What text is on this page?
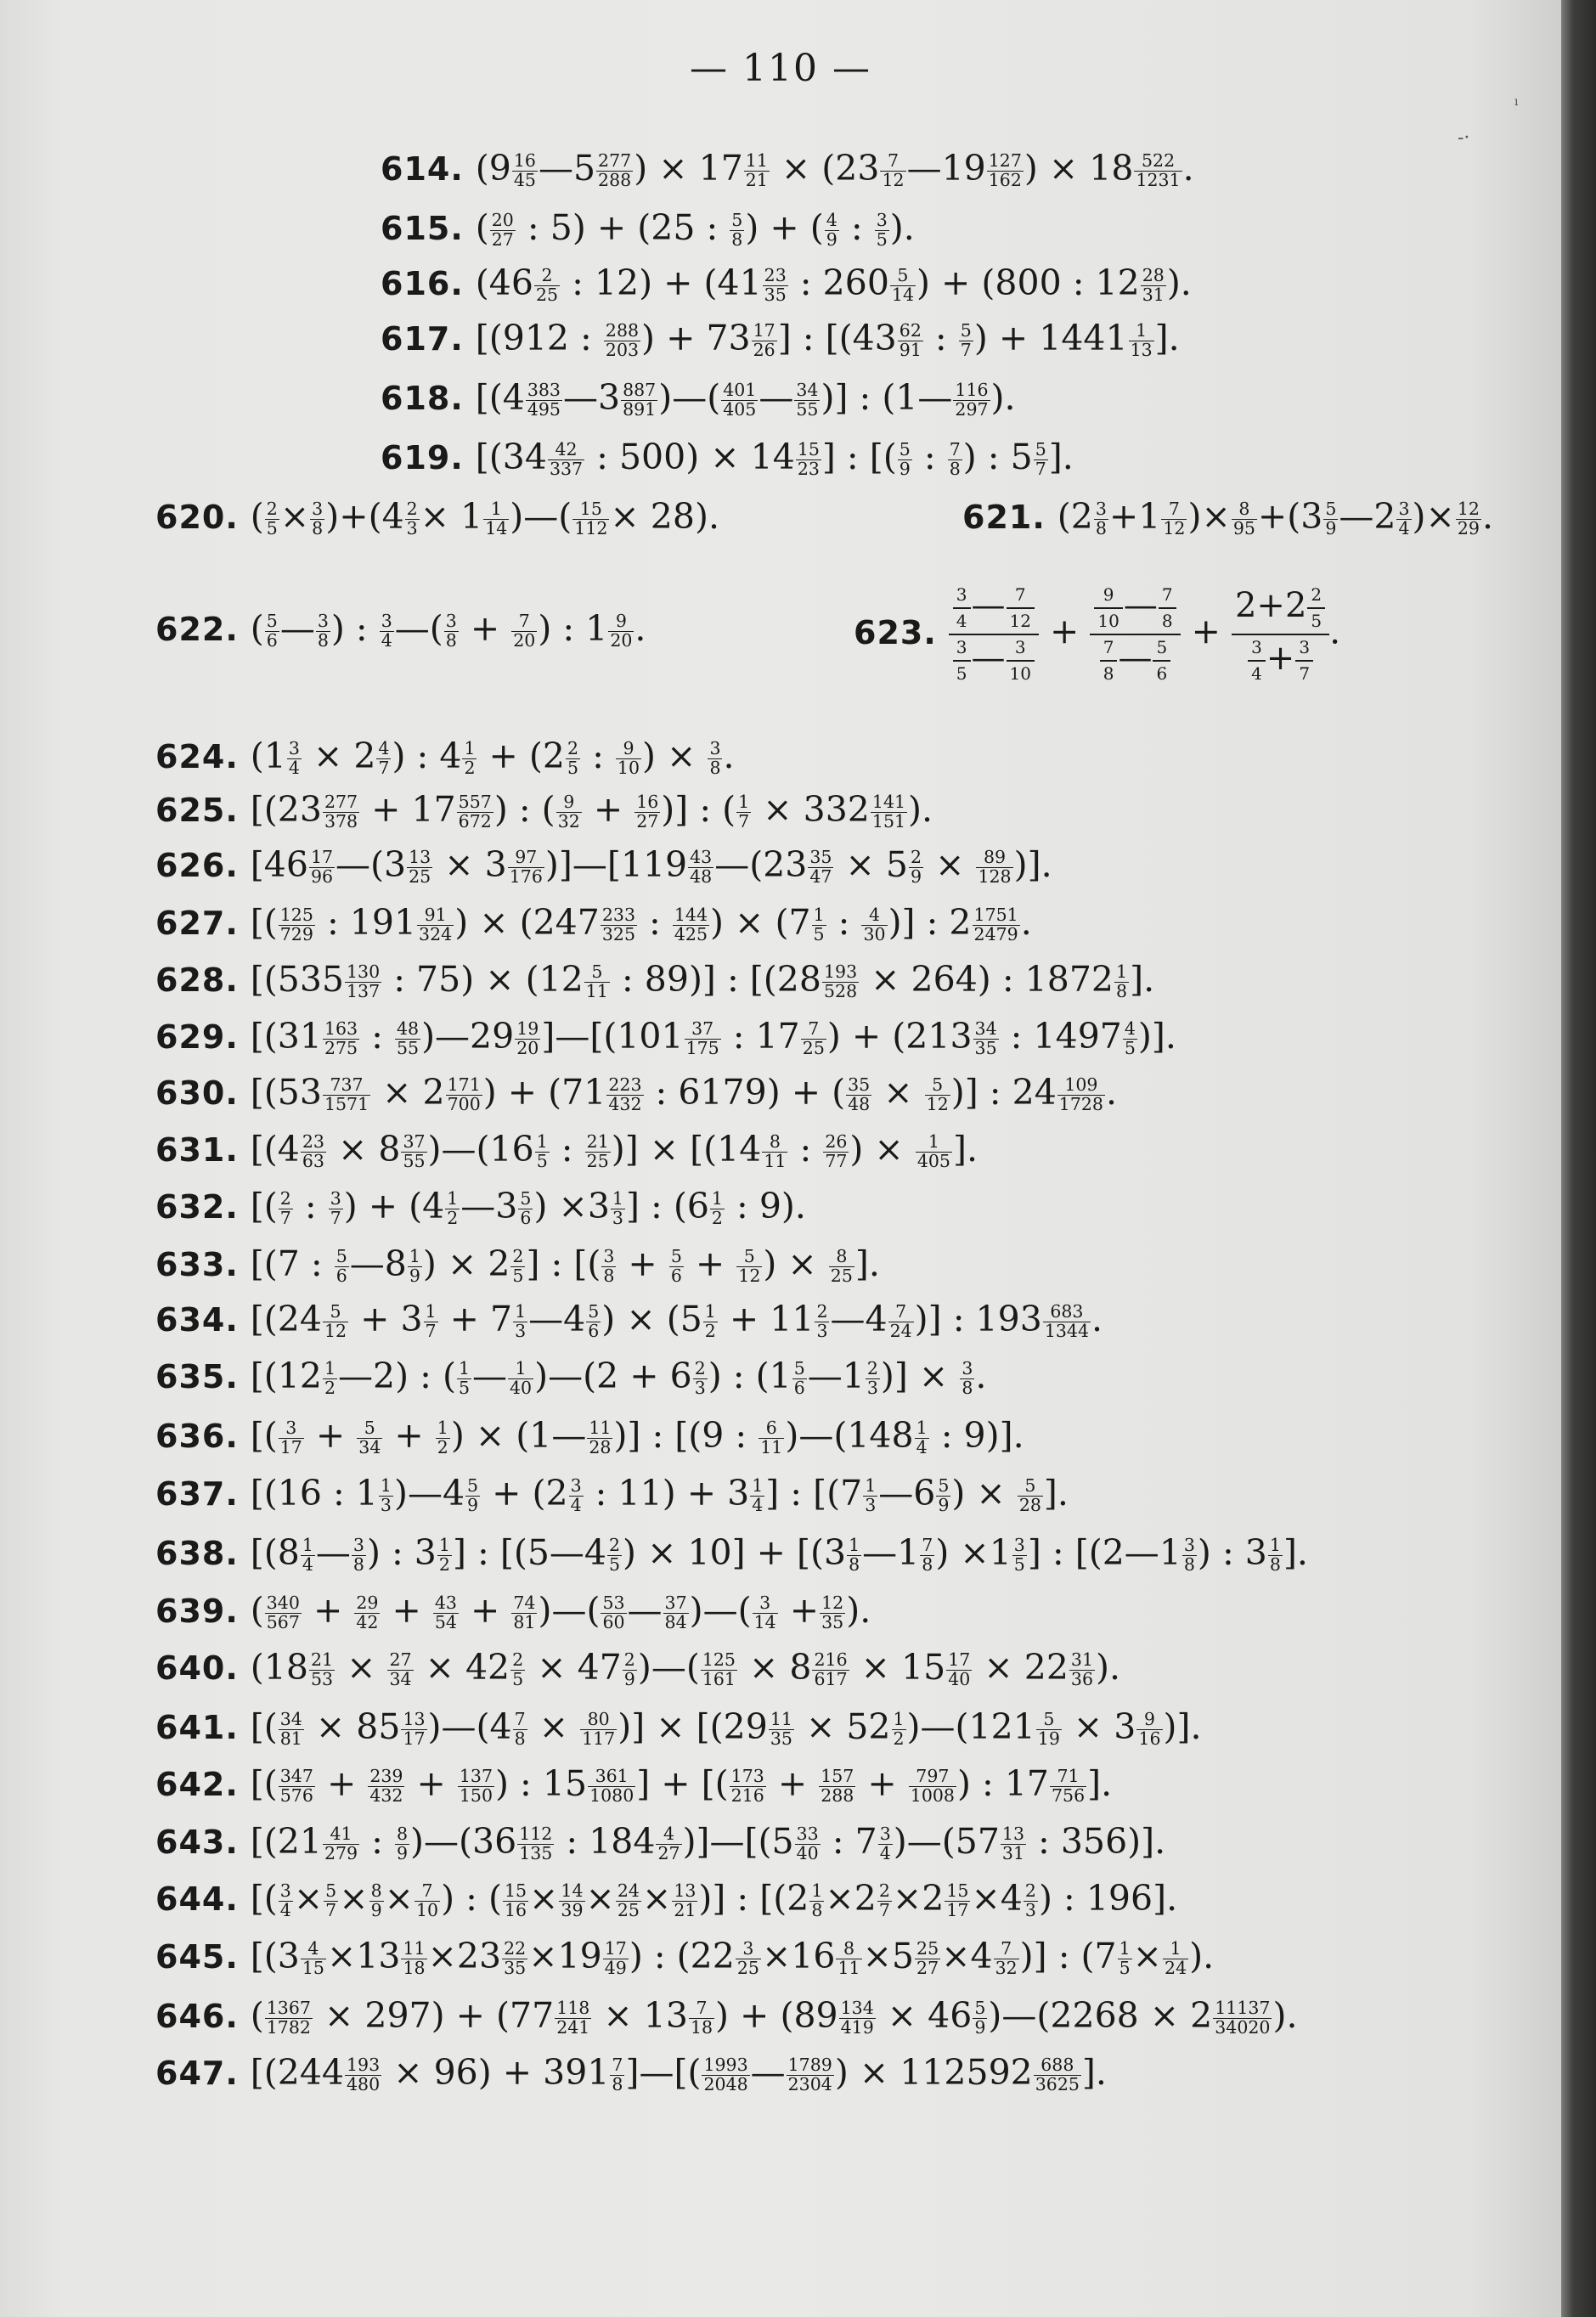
-·
ı
— 110 —
614. ($9 \frac{16}{45}$ —5 $\frac{277}{288}$ ) × $17 \frac{11}{21} \times (23 \frac{7}{12}$ —19 $\frac{127}{162}$ ) × $18 \frac{522}{1231}$ .
615. ( $\frac{20}{27}$ : 5) + (25 : $\frac{5}{8}$ ) + ( $\frac{4}{9}$ : $\frac{3}{5}$ ).
616. ($46 \frac{2}{25}$ : $12) + (41 \frac{23}{35}$ : $260 \frac{5}{14}$ ) + (800 : $12 \frac{28}{31}$ ).
617. [(912 : $\frac{288}{203}$ ) + $73 \frac{17}{26}$ ] : [($43 \frac{62}{91}$ : $\frac{5}{7}$ ) + $1441 \frac{1}{13}$ ].
618. [($4 \frac{383}{495}$ —3 $\frac{887}{891}$ )—( $\frac{401}{405}$ — $\frac{34}{55}$ )] : (1— $\frac{116}{297}$ ).
619. [($34 \frac{42}{337}$ : $500) \times 14 \frac{15}{23}$ ] : [( $\frac{5}{9}$ : $\frac{7}{8}$ ) : $5 \frac{5}{7}$ ].
621. ($2 \frac{3}{8} +1 \frac{7}{12}$ )× $\frac{8}{95} +(3 \frac{5}{9}$ —2 $\frac{3}{4}$ )× $\frac{12}{29}$ .
620. ( $\frac{2}{5} \times \frac{3}{8} )+(4 \frac{2}{3} \times 1 \frac{1}{14}$ )—( $\frac{15}{112} \times 28$).
622. ( $\frac{5}{6}$ — $\frac{3}{8}$ ) : $\frac{3}{4}$ —( $\frac{3}{8} + \frac{7}{20}$ ) : $1 \frac{9}{20}$ .	623. $\frac{\frac{3}{4} — \frac{7}{12}}{\frac{3}{5} — \frac{3}{10}} + \frac{\frac{9}{10} — \frac{7}{8}}{\frac{7}{8} — \frac{5}{6}} + \frac{2+2 \frac{2}{5}}{\frac{3}{4} + \frac{3}{7}}$ .
624. ($1 \frac{3}{4} \times 2 \frac{4}{7}$ ) : $4 \frac{1}{2} + (2 \frac{2}{5}$ : $\frac{9}{10}$ ) × $\frac{3}{8}$ .
625. [($23 \frac{277}{378} + 17 \frac{557}{672}$ ) : ( $\frac{9}{32} + \frac{16}{27}$ )] : ( $\frac{1}{7} \times 332 \frac{141}{151}$ ).
626. [$46 \frac{17}{96}$ —(3 $\frac{13}{25} \times 3 \frac{97}{176}$ )]—[119 $\frac{43}{48}$ —(23 $\frac{35}{47} \times 5 \frac{2}{9} \times \frac{89}{128}$ )].
627. [( $\frac{125}{729}$ : $191 \frac{91}{324}$ ) × ($247 \frac{233}{325}$ : $\frac{144}{425}$ ) × ($7 \frac{1}{5}$ : $\frac{4}{30}$ )] : $2 \frac{1751}{2479}$ .
628. [($535 \frac{130}{137}$ : $75) \times (12 \frac{5}{11}$ : 89)] : [$(28 \frac{193}{528} \times 264)$ : $1872 \frac{1}{8}$ ].
629. [($31 \frac{163}{275}$ : $\frac{48}{55}$ )—29 $\frac{19}{20}$ ]—[(101 $\frac{37}{175}$ : $17 \frac{7}{25}$ ) + ($213 \frac{34}{35}$ : $1497 \frac{4}{5}$ )].
630. [($53 \frac{737}{1571} \times 2 \frac{171}{700}$ ) + ($71 \frac{223}{432}$ : 6179) + ( $\frac{35}{48} \times \frac{5}{12}$ )] : $24 \frac{109}{1728}$ .
631. [($4 \frac{23}{63} \times 8 \frac{37}{55}$ )—(16 $\frac{1}{5}$ : $\frac{21}{25}$ )] × [($14 \frac{8}{11}$ : $\frac{26}{77}$ ) × $\frac{1}{405}$ ].
632. [( $\frac{2}{7}$ : $\frac{3}{7}$ ) + ($4 \frac{1}{2}$ —3 $\frac{5}{6}$ ) $\times 3 \frac{1}{3}$ ] : ($6 \frac{1}{2}$ : 9).
633. [(7 : $\frac{5}{6}$ —8 $\frac{1}{9}$ ) × $2 \frac{2}{5}$ ] : [( $\frac{3}{8} + \frac{5}{6} + \frac{5}{12}$ ) × $\frac{8}{25}$ ].
634. [($24 \frac{5}{12} + 3 \frac{1}{7} + 7 \frac{1}{3}$ —4 $\frac{5}{6}$ ) × ($5 \frac{1}{2} + 11 \frac{2}{3}$ —4 $\frac{7}{24}$ )] : $193 \frac{683}{1344}$ .
635. [($12 \frac{1}{2}$ —2) : ( $\frac{1}{5}$ — $\frac{1}{40}$ )—(2 + $6 \frac{2}{3}$ ) : ($1 \frac{5}{6}$ —1 $\frac{2}{3}$ )] × $\frac{3}{8}$ .
636. [( $\frac{3}{17} + \frac{5}{34} + \frac{1}{2}$ ) × (1— $\frac{11}{28}$ )] : [(9 : $\frac{6}{11}$ )—(148 $\frac{1}{4}$ : 9)].
637. [(16 : $1 \frac{1}{3}$ )—4 $\frac{5}{9} + (2 \frac{3}{4}$ : $11) + 3 \frac{1}{4}$ ] : [($7 \frac{1}{3}$ —6 $\frac{5}{9}$ ) × $\frac{5}{28}$ ].
638. [($8 \frac{1}{4}$ — $\frac{3}{8}$ ) : $3 \frac{1}{2}$ ] : [(5—4 $\frac{2}{5}$ ) × $10] + [(3 \frac{1}{8}$ —1 $\frac{7}{8}$ ) $\times 1 \frac{3}{5}$ ] : [(2—1 $\frac{3}{8}$ ) : $3 \frac{1}{8}$ ].
639. ( $\frac{340}{567} + \frac{29}{42} + \frac{43}{54} + \frac{74}{81}$ )—( $\frac{53}{60}$ — $\frac{37}{84}$ )—( $\frac{3}{14} + \frac{12}{35}$ ).
640. ($18 \frac{21}{53} \times \frac{27}{34} \times 42 \frac{2}{5} \times 47 \frac{2}{9}$ )—( $\frac{125}{161} \times 8 \frac{216}{617} \times 15 \frac{17}{40} \times 22 \frac{31}{36}$ ).
641. [( $\frac{34}{81} \times 85 \frac{13}{17}$ )—(4 $\frac{7}{8} \times \frac{80}{117}$ )] × [($29 \frac{11}{35} \times 52 \frac{1}{2}$ )—(121 $\frac{5}{19} \times 3 \frac{9}{16}$ )].
642. [( $\frac{347}{576} + \frac{239}{432} + \frac{137}{150}$ ) : $15 \frac{361}{1080}$ ] + [( $\frac{173}{216} + \frac{157}{288} + \frac{797}{1008}$ ) : $17 \frac{71}{756}$ ].
643. [($21 \frac{41}{279}$ : $\frac{8}{9}$ )—(36 $\frac{112}{135}$ : $184 \frac{4}{27}$ )]—[(5 $\frac{33}{40}$ : $7 \frac{3}{4}$ )—(57 $\frac{13}{31}$ : 356)].
644. [( $\frac{3}{4} \times \frac{5}{7} \times \frac{8}{9} \times \frac{7}{10}$ ) : ( $\frac{15}{16} \times \frac{14}{39} \times \frac{24}{25} \times \frac{13}{21}$ )] : [($2 \frac{1}{8} \times 2 \frac{2}{7} \times 2 \frac{15}{17} \times 4 \frac{2}{3}$ ) : 196].
645. [($3 \frac{4}{15} \times 13 \frac{11}{18} \times 23 \frac{22}{35} \times 19 \frac{17}{49}$ ) : ($22 \frac{3}{25} \times 16 \frac{8}{11} \times 5 \frac{25}{27} \times 4 \frac{7}{32}$ )] : ($7 \frac{1}{5} \times \frac{1}{24}$ ).
646. ( $\frac{1367}{1782} \times 297) + (77 \frac{118}{241} \times 13 \frac{7}{18}$ ) + ($89 \frac{134}{419} \times 46 \frac{5}{9}$ )—(2268 × $2 \frac{11137}{34020}$ ).
647. [$(244 \frac{193}{480} \times 96) + 391 \frac{7}{8}$ ]—[( $\frac{1993}{2048}$ — $\frac{1789}{2304}$ ) × $112592 \frac{688}{3625}$ ].
